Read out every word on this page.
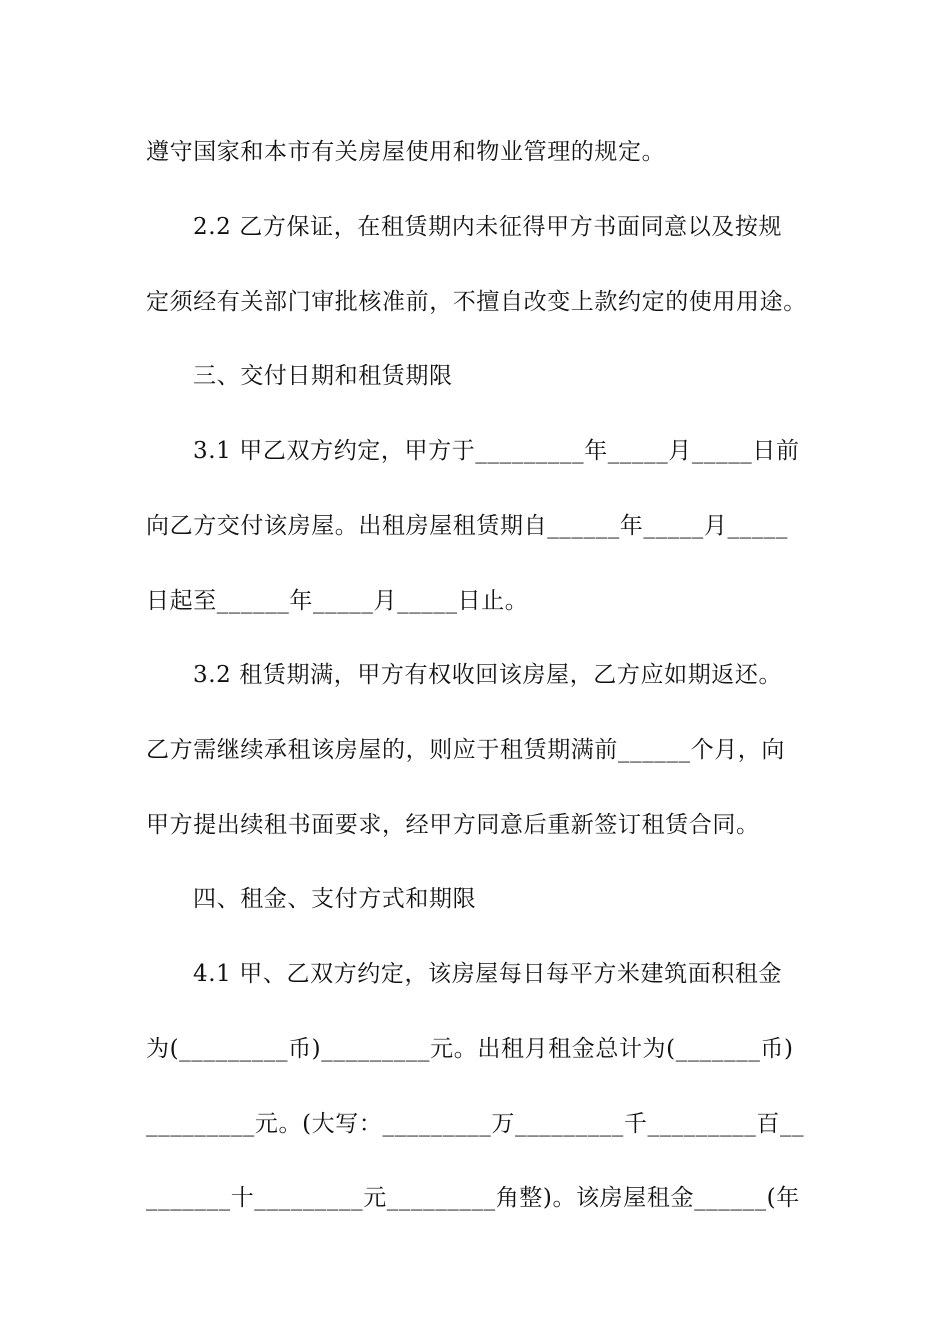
遵守国家和本市有关房屋使用和物业管理的规定。
2.2 乙方保证，在租赁期内未征得甲方书面同意以及按规
定须经有关部门审批核准前，不擅自改变上款约定的使用用途。
三、交付日期和租赁期限
3.1 甲乙双方约定，甲方于_________年_____月_____日前
向乙方交付该房屋。出租房屋租赁期自______年_____月_____
日起至______年_____月_____日止。
3.2 租赁期满，甲方有权收回该房屋，乙方应如期返还。
乙方需继续承租该房屋的，则应于租赁期满前______个月，向
甲方提出续租书面要求，经甲方同意后重新签订租赁合同。
四、租金、支付方式和期限
4.1 甲、乙双方约定，该房屋每日每平方米建筑面积租金
为(_________币)_________元。出租月租金总计为(_______币)
_________元。(大写：_________万_________千_________百__
_______十_________元_________角整)。该房屋租金______(年
